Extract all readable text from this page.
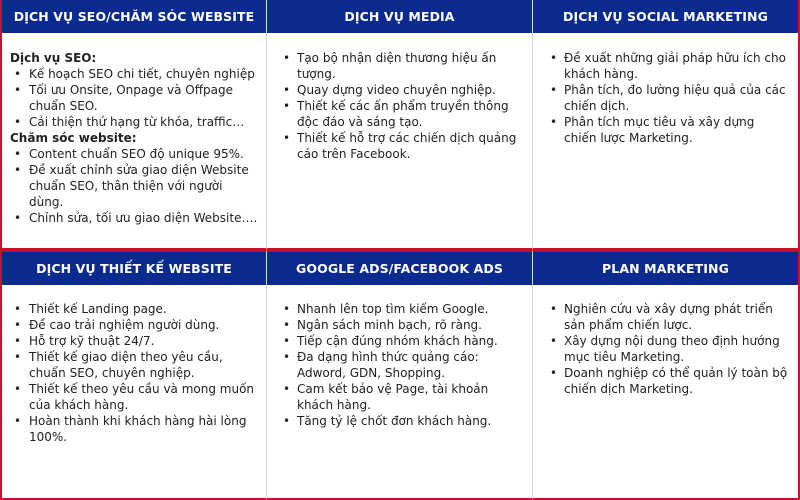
DỊCH VỤ SEO/CHĂM SÓC WEBSITE
Dịch vụ SEO:
• Kế hoạch SEO chi tiết, chuyên nghiệp
• Tối ưu Onsite, Onpage và Offpage chuẩn SEO.
• Cải thiện thứ hạng từ khóa, traffic…
Chăm sóc website:
• Content chuẩn SEO độ unique 95%.
• Đề xuất chỉnh sửa giao diện Website chuẩn SEO, thân thiện với người dùng.
• Chỉnh sửa, tối ưu giao diện Website….
DỊCH VỤ MEDIA
• Tạo bộ nhận diện thương hiệu ấn tượng.
• Quay dựng video chuyên nghiệp.
• Thiết kế các ấn phẩm truyền thông độc đáo và sáng tạo.
• Thiết kế hỗ trợ các chiến dịch quảng cáo trên Facebook.
DỊCH VỤ SOCIAL MARKETING
• Đề xuất những giải pháp hữu ích cho khách hàng.
• Phân tích, đo lường hiệu quả của các chiến dịch.
• Phân tích mục tiêu và xây dựng chiến lược Marketing.
DỊCH VỤ THIẾT KẾ WEBSITE
• Thiết kế Landing page.
• Đề cao trải nghiệm người dùng.
• Hỗ trợ kỹ thuật 24/7.
• Thiết kế giao diện theo yêu cầu, chuẩn SEO, chuyên nghiệp.
• Thiết kế theo yêu cầu và mong muốn của khách hàng.
• Hoàn thành khi khách hàng hài lòng 100%.
GOOGLE ADS/FACEBOOK ADS
• Nhanh lên top tìm kiếm Google.
• Ngân sách minh bạch, rõ ràng.
• Tiếp cận đúng nhóm khách hàng.
• Đa dạng hình thức quảng cáo: Adword, GDN, Shopping.
• Cam kết bảo vệ Page, tài khoản khách hàng.
• Tăng tỷ lệ chốt đơn khách hàng.
PLAN MARKETING
• Nghiên cứu và xây dựng phát triển sản phẩm chiến lược.
• Xây dựng nội dung theo định hướng mục tiêu Marketing.
• Doanh nghiệp có thể quản lý toàn bộ chiến dịch Marketing.
